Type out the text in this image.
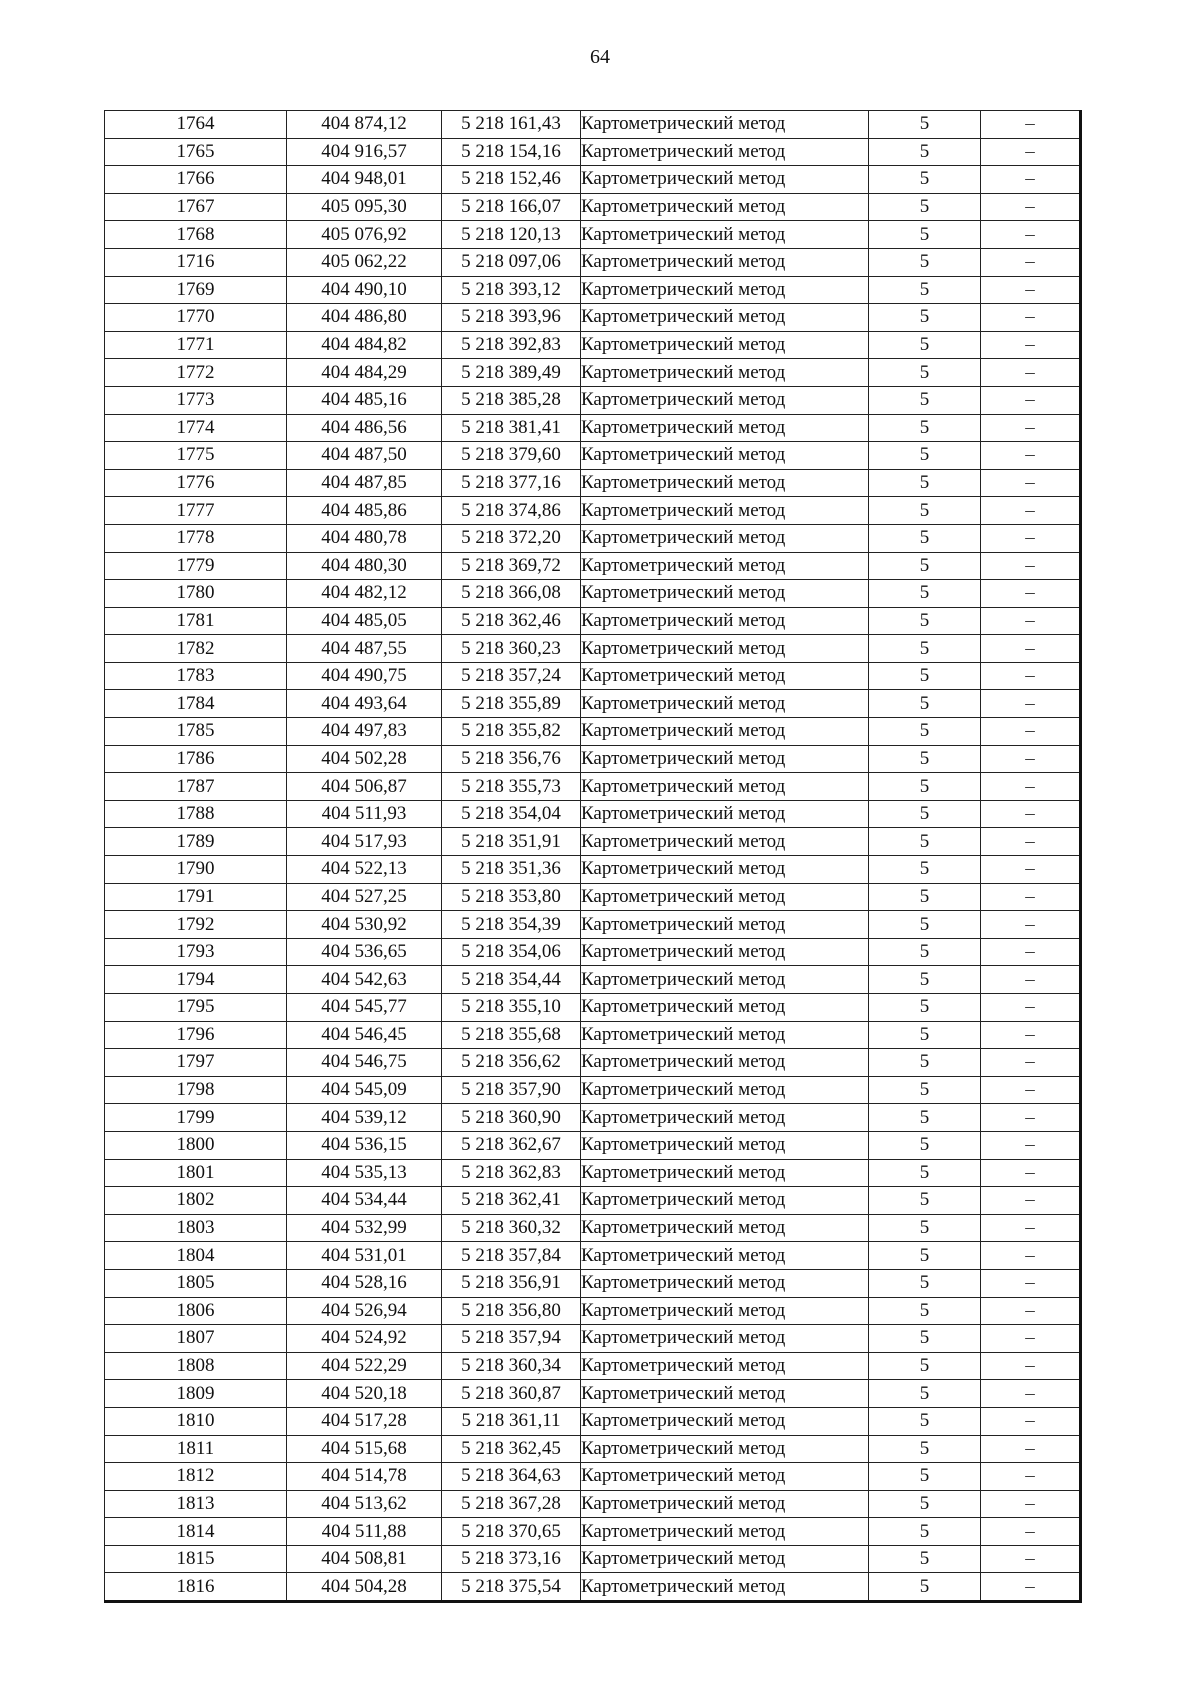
64
1764	404 874,12	5 218 161,43	Картометрический метод	5	–
1765	404 916,57	5 218 154,16	Картометрический метод	5	–
1766	404 948,01	5 218 152,46	Картометрический метод	5	–
1767	405 095,30	5 218 166,07	Картометрический метод	5	–
1768	405 076,92	5 218 120,13	Картометрический метод	5	–
1716	405 062,22	5 218 097,06	Картометрический метод	5	–
1769	404 490,10	5 218 393,12	Картометрический метод	5	–
1770	404 486,80	5 218 393,96	Картометрический метод	5	–
1771	404 484,82	5 218 392,83	Картометрический метод	5	–
1772	404 484,29	5 218 389,49	Картометрический метод	5	–
1773	404 485,16	5 218 385,28	Картометрический метод	5	–
1774	404 486,56	5 218 381,41	Картометрический метод	5	–
1775	404 487,50	5 218 379,60	Картометрический метод	5	–
1776	404 487,85	5 218 377,16	Картометрический метод	5	–
1777	404 485,86	5 218 374,86	Картометрический метод	5	–
1778	404 480,78	5 218 372,20	Картометрический метод	5	–
1779	404 480,30	5 218 369,72	Картометрический метод	5	–
1780	404 482,12	5 218 366,08	Картометрический метод	5	–
1781	404 485,05	5 218 362,46	Картометрический метод	5	–
1782	404 487,55	5 218 360,23	Картометрический метод	5	–
1783	404 490,75	5 218 357,24	Картометрический метод	5	–
1784	404 493,64	5 218 355,89	Картометрический метод	5	–
1785	404 497,83	5 218 355,82	Картометрический метод	5	–
1786	404 502,28	5 218 356,76	Картометрический метод	5	–
1787	404 506,87	5 218 355,73	Картометрический метод	5	–
1788	404 511,93	5 218 354,04	Картометрический метод	5	–
1789	404 517,93	5 218 351,91	Картометрический метод	5	–
1790	404 522,13	5 218 351,36	Картометрический метод	5	–
1791	404 527,25	5 218 353,80	Картометрический метод	5	–
1792	404 530,92	5 218 354,39	Картометрический метод	5	–
1793	404 536,65	5 218 354,06	Картометрический метод	5	–
1794	404 542,63	5 218 354,44	Картометрический метод	5	–
1795	404 545,77	5 218 355,10	Картометрический метод	5	–
1796	404 546,45	5 218 355,68	Картометрический метод	5	–
1797	404 546,75	5 218 356,62	Картометрический метод	5	–
1798	404 545,09	5 218 357,90	Картометрический метод	5	–
1799	404 539,12	5 218 360,90	Картометрический метод	5	–
1800	404 536,15	5 218 362,67	Картометрический метод	5	–
1801	404 535,13	5 218 362,83	Картометрический метод	5	–
1802	404 534,44	5 218 362,41	Картометрический метод	5	–
1803	404 532,99	5 218 360,32	Картометрический метод	5	–
1804	404 531,01	5 218 357,84	Картометрический метод	5	–
1805	404 528,16	5 218 356,91	Картометрический метод	5	–
1806	404 526,94	5 218 356,80	Картометрический метод	5	–
1807	404 524,92	5 218 357,94	Картометрический метод	5	–
1808	404 522,29	5 218 360,34	Картометрический метод	5	–
1809	404 520,18	5 218 360,87	Картометрический метод	5	–
1810	404 517,28	5 218 361,11	Картометрический метод	5	–
1811	404 515,68	5 218 362,45	Картометрический метод	5	–
1812	404 514,78	5 218 364,63	Картометрический метод	5	–
1813	404 513,62	5 218 367,28	Картометрический метод	5	–
1814	404 511,88	5 218 370,65	Картометрический метод	5	–
1815	404 508,81	5 218 373,16	Картометрический метод	5	–
1816	404 504,28	5 218 375,54	Картометрический метод	5	–
